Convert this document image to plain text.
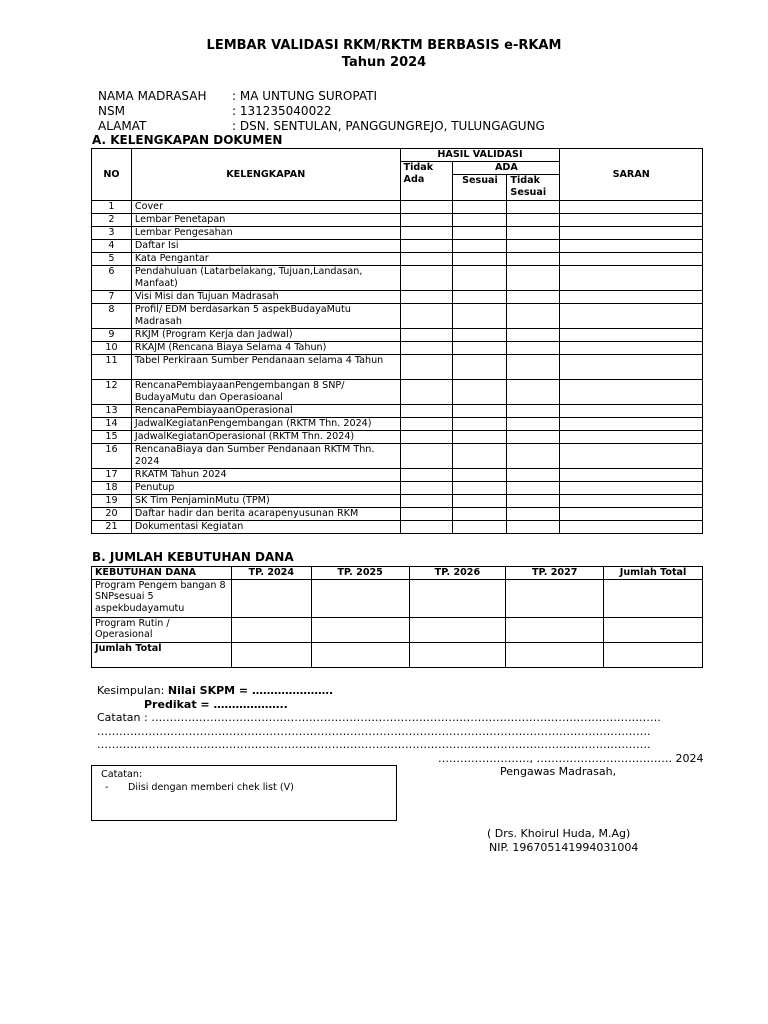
LEMBAR VALIDASI RKM/RKTM BERBASIS e-RKAM
Tahun 2024
NAMA MADRASAH : MA UNTUNG SUROPATI
NSM	: 131235040022
ALAMAT	: DSN. SENTULAN, PANGGUNGREJO, TULUNGAGUNG
A. KELENGKAPAN DOKUMEN
NO	KELENGKAPAN	HASIL VALIDASI			SARAN
		Tidak Ada	ADA		
			Sesuai	Tidak Sesuai	
1	Cover				
2	Lembar Penetapan				
3	Lembar Pengesahan				
4	Daftar Isi				
5	Kata Pengantar				
6	Pendahuluan (Latarbelakang, Tujuan,Landasan, Manfaat)				
7	Visi Misi dan Tujuan Madrasah				
8	Profil/ EDM berdasarkan 5 aspekBudayaMutu Madrasah				
9	RKJM (Program Kerja dan Jadwal)				
10	RKAJM (Rencana Biaya Selama 4 Tahun)				
11	Tabel Perkiraan Sumber Pendanaan selama 4 Tahun				
12	RencanaPembiayaanPengembangan 8 SNP/ BudayaMutu dan Operasioanal				
13	RencanaPembiayaanOperasional				
14	JadwalKegiatanPengembangan (RKTM Thn. 2024)				
15	JadwalKegiatanOperasional (RKTM Thn. 2024)				
16	RencanaBiaya dan Sumber Pendanaan RKTM Thn. 2024				
17	RKATM Tahun 2024				
18	Penutup				
19	SK Tim PenjaminMutu (TPM)				
20	Daftar hadir dan berita acarapenyusunan RKM				
21	Dokumentasi Kegiatan				
B. JUMLAH KEBUTUHAN DANA
KEBUTUHAN DANA	TP. 2024	TP. 2025	TP. 2026	TP. 2027	Jumlah Total
Program Pengem bangan 8 SNPsesuai 5 aspekbudayamutu					
Program Rutin / Operasional					
Jumlah Total					
Kesimpulan: Nilai SKPM = ………………….
Predikat = ………………..
Catatan : ………………………………………………………………………………………………………………………….
…………………………………………………………………………………………………………………………………….
…………………………………………………………………………………………………………………………………….
……………………., ………………………………. 2024
Pengawas Madrasah,
Catatan:
- Diisi dengan memberi chek list (V)
( Drs. Khoirul Huda, M.Ag)
NIP. 196705141994031004
